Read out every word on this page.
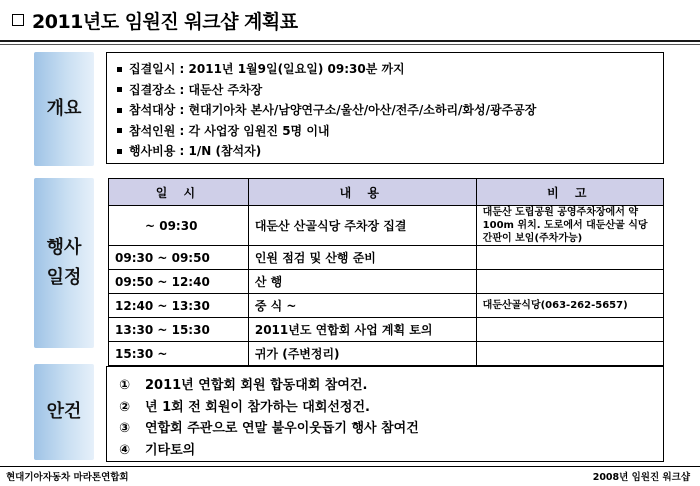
2011년도 임원진 워크샵 계획표
개요
집결일시 : 2011년 1월9일(일요일) 09:30분 까지
집결장소 : 대둔산 주차장
참석대상 : 현대기아차 본사/남양연구소/울산/아산/전주/소하리/화성/광주공장
참석인원 : 각 사업장 임원진 5명 이내
행사비용 : 1/N (참석자)
행사
일정
일 시	내 용	비 고
~ 09:30	대둔산 산골식당 주차장 집결	대둔산 도립공원 공영주차장에서 약100m 위치. 도로에서 대둔산골 식당 간판이 보임(주차가능)
09:30 ~ 09:50	인원 점검 및 산행 준비	
09:50 ~ 12:40	산 행	
12:40 ~ 13:30	중 식 ~	대둔산골식당(063-262-5657)
13:30 ~ 15:30	2011년도 연합회 사업 계획 토의	
15:30 ~	귀가 (주변정리)	
안건
① 2011년 연합회 회원 합동대회 참여건.
② 년 1회 전 회원이 참가하는 대회선정건.
③ 연합회 주관으로 연말 불우이웃돕기 행사 참여건
④ 기타토의
현대기아자동차 마라톤연합회	2008년 임원진 워크샵
